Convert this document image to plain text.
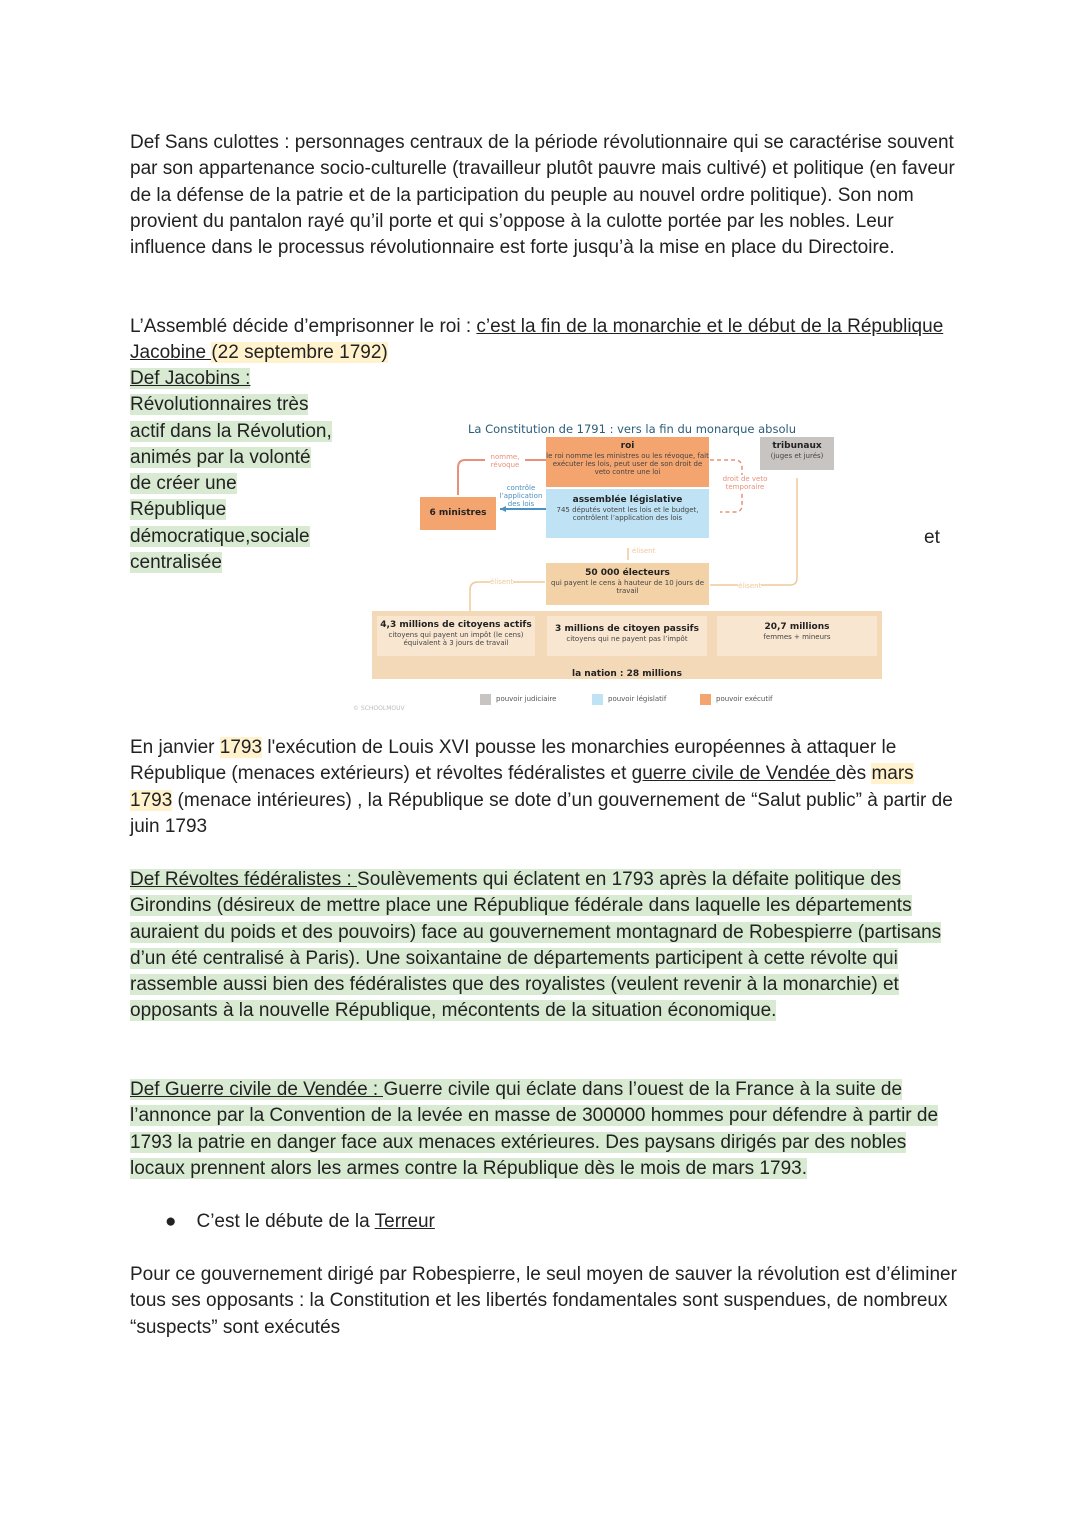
Def Sans culottes : personnages centraux de la période révolutionnaire qui se caractérise souvent par son appartenance socio-culturelle (travailleur plutôt pauvre mais cultivé) et politique (en faveur de la défense de la patrie et de la participation du peuple au nouvel ordre politique). Son nom provient du pantalon rayé qu’il porte et qui s’oppose à la culotte portée par les nobles. Leur influence dans le processus révolutionnaire est forte jusqu’à la mise en place du Directoire.

L’Assemblé décide d’emprisonner le roi : c’est la fin de la monarchie et le début de la République Jacobine (22 septembre 1792)

Def Jacobins :
Révolutionnaires très actif dans la Révolution, animés par la volonté de créer une République démocratique,sociale centralisée

et
La Constitution de 1791 : vers la fin du monarque absolu
roi
le roi nomme les ministres ou les révoque, fait exécuter les lois, peut user de son droit de veto contre une loi
tribunaux
(juges et jurés)
assemblée législative
745 députés votent les lois et le budget, contrôlent l’application des lois
6 ministres
nomme, révoque
contrôle l’application des lois
droit de veto temporaire
élisent
élisent	élisent
50 000 électeurs
qui payent le cens à hauteur de 10 jours de travail
4,3 millions de citoyens actifs
citoyens qui payent un impôt (le cens) équivalent à 3 jours de travail
3 millions de citoyen passifs
citoyens qui ne payent pas l’impôt
20,7 millions
femmes + mineurs
la nation : 28 millions
pouvoir judiciaire	pouvoir législatif	pouvoir exécutif
© SCHOOLMOUV

En janvier 1793 l'exécution de Louis XVI pousse les monarchies européennes à attaquer le République (menaces extérieurs) et révoltes fédéralistes et guerre civile de Vendée dès mars 1793 (menace intérieures) , la République se dote d’un gouvernement de “Salut public” à partir de juin 1793

Def Révoltes fédéralistes : Soulèvements qui éclatent en 1793 après la défaite politique des Girondins (désireux de mettre place une République fédérale dans laquelle les départements auraient du poids et des pouvoirs) face au gouvernement montagnard de Robespierre (partisans d’un été centralisé à Paris). Une soixantaine de départements participent à cette révolte qui rassemble aussi bien des fédéralistes que des royalistes (veulent revenir à la monarchie) et opposants à la nouvelle République, mécontents de la situation économique.

Def Guerre civile de Vendée : Guerre civile qui éclate dans l’ouest de la France à la suite de l’annonce par la Convention de la levée en masse de 300000 hommes pour défendre à partir de 1793 la patrie en danger face aux menaces extérieures. Des paysans dirigés par des nobles locaux prennent alors les armes contre la République dès le mois de mars 1793.

● C’est le débute de la Terreur

Pour ce gouvernement dirigé par Robespierre, le seul moyen de sauver la révolution est d’éliminer tous ses opposants : la Constitution et les libertés fondamentales sont suspendues, de nombreux “suspects” sont exécutés
